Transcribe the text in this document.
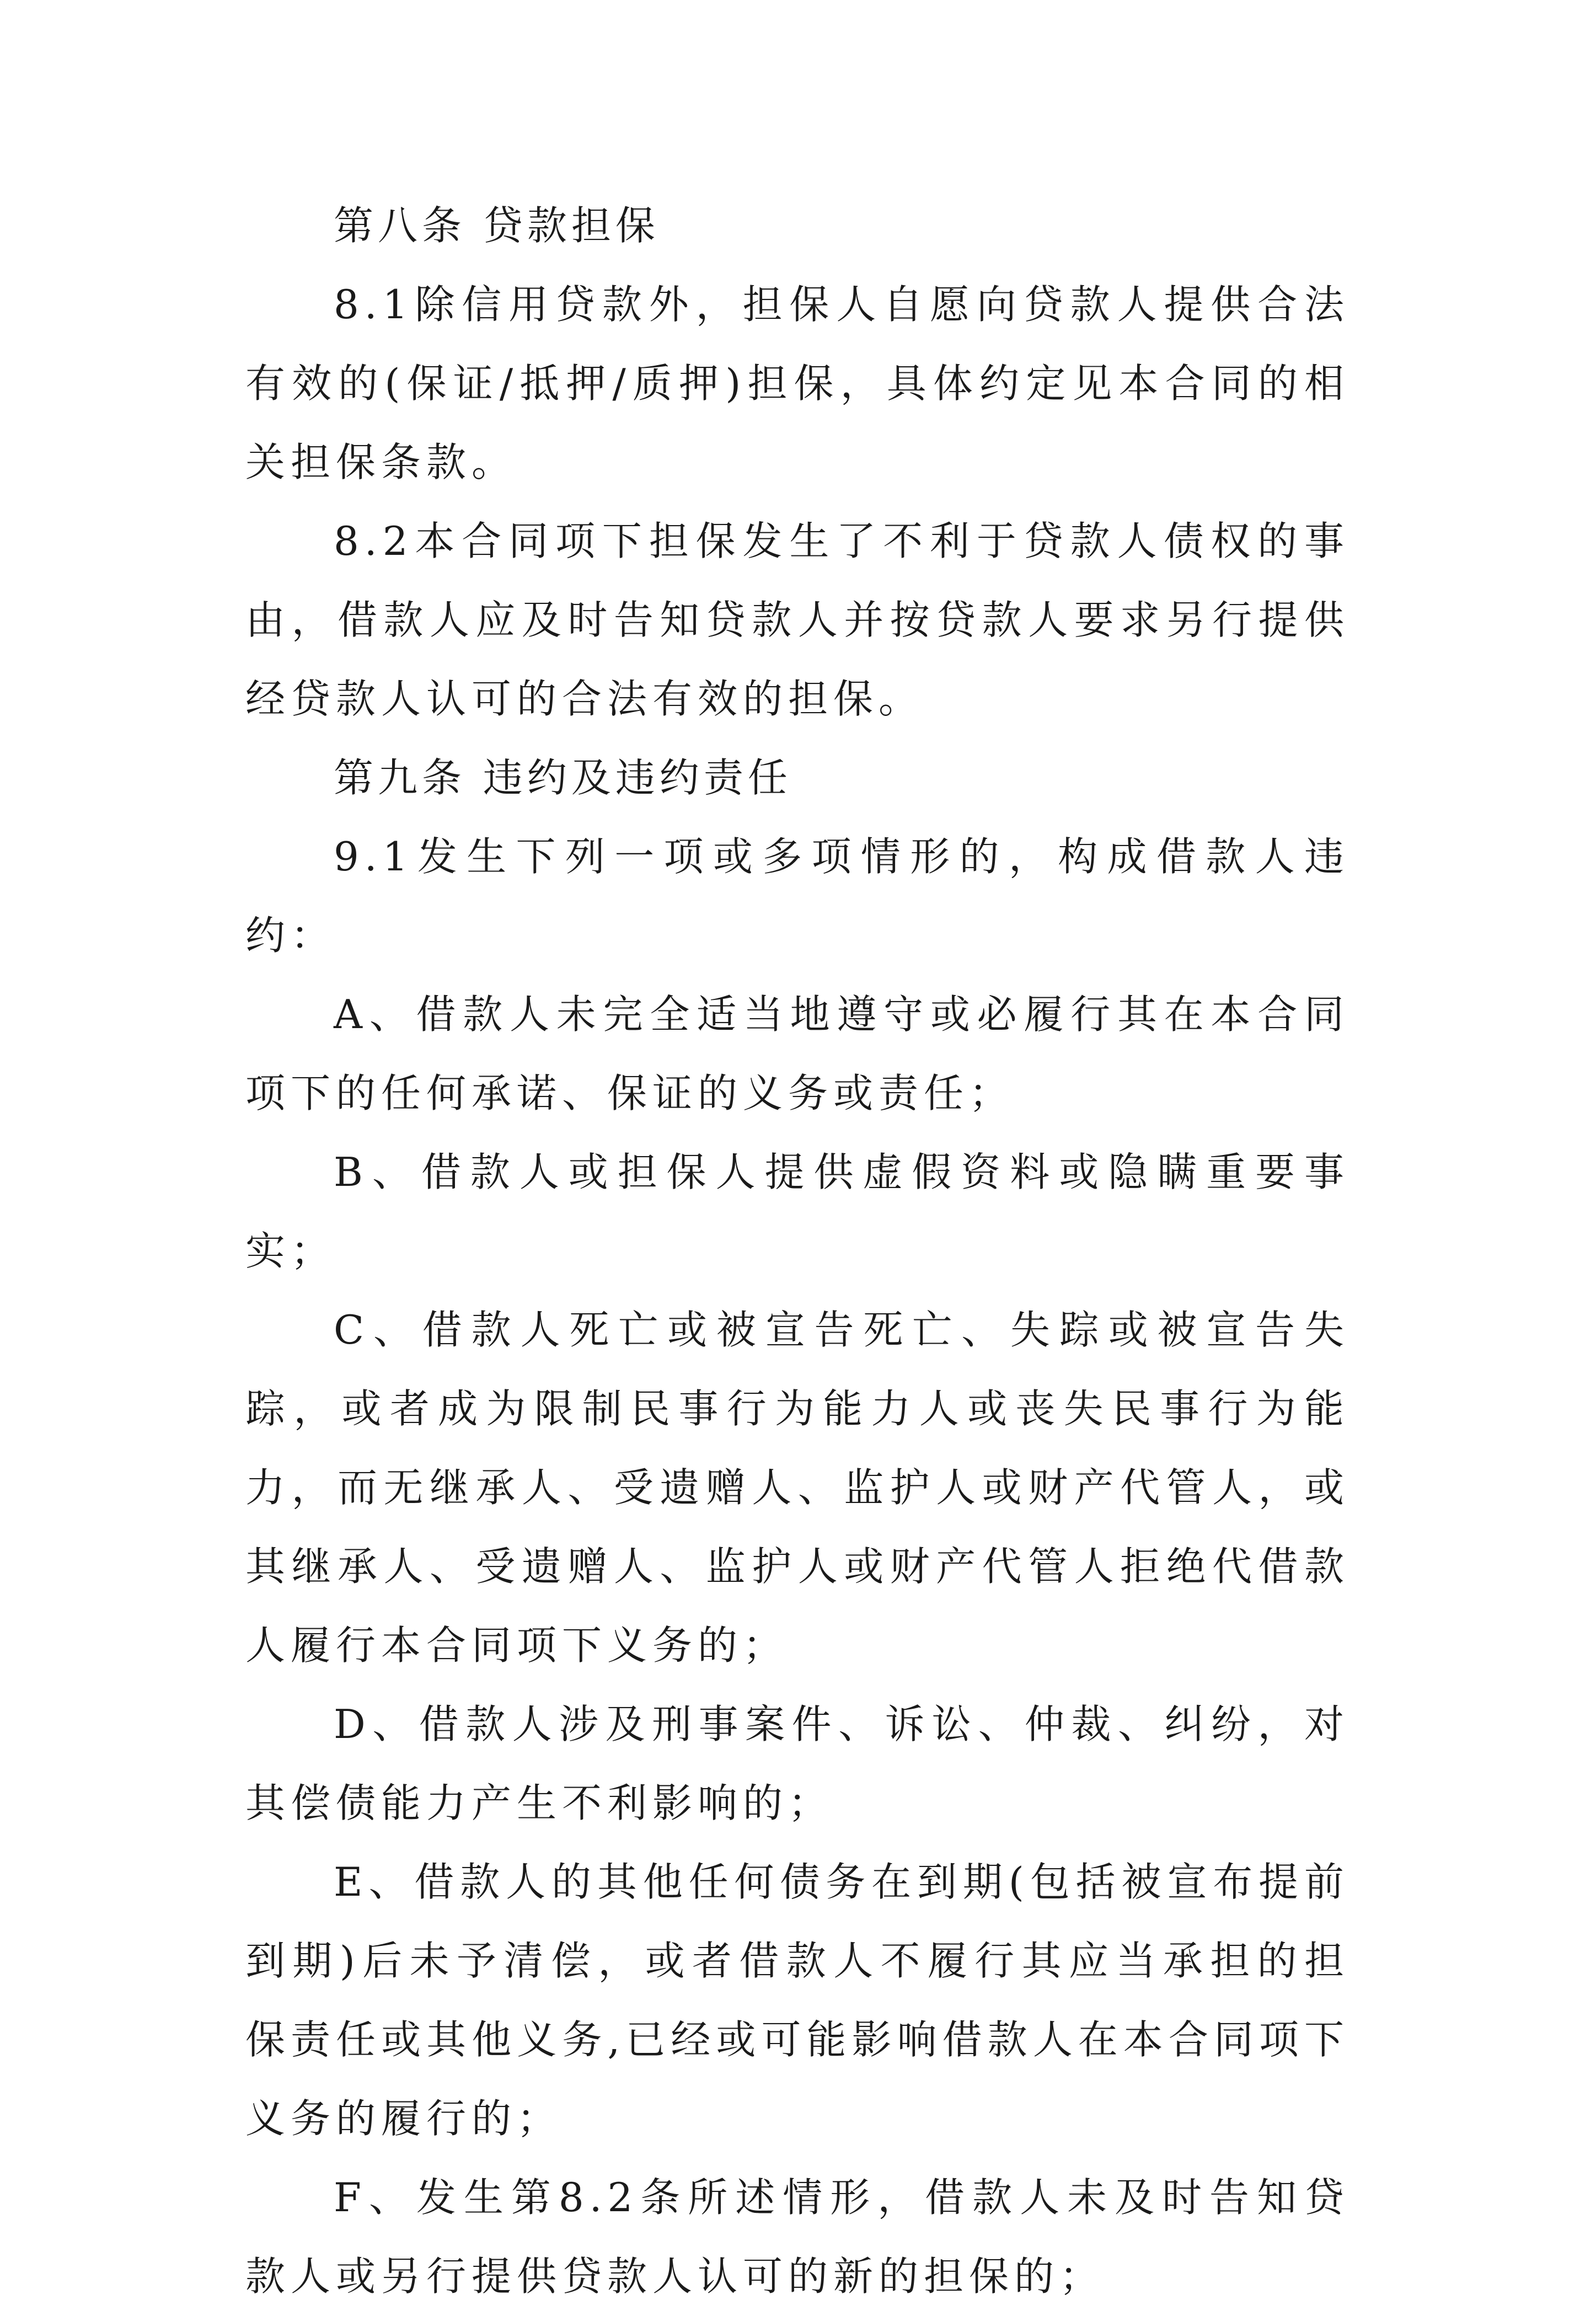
第八条 贷款担保

8.1除信用贷款外，担保人自愿向贷款人提供合法有效的(保证/抵押/质押)担保，具体约定见本合同的相关担保条款。

8.2本合同项下担保发生了不利于贷款人债权的事由，借款人应及时告知贷款人并按贷款人要求另行提供经贷款人认可的合法有效的担保。

第九条 违约及违约责任

9.1发生下列一项或多项情形的，构成借款人违约：

A、借款人未完全适当地遵守或必履行其在本合同项下的任何承诺、保证的义务或责任；

B、借款人或担保人提供虚假资料或隐瞒重要事实；

C、借款人死亡或被宣告死亡、失踪或被宣告失踪，或者成为限制民事行为能力人或丧失民事行为能力，而无继承人、受遗赠人、监护人或财产代管人，或其继承人、受遗赠人、监护人或财产代管人拒绝代借款人履行本合同项下义务的；

D、借款人涉及刑事案件、诉讼、仲裁、纠纷，对其偿债能力产生不利影响的；

E、借款人的其他任何债务在到期(包括被宣布提前到期)后未予清偿，或者借款人不履行其应当承担的担保责任或其他义务,已经或可能影响借款人在本合同项下义务的履行的；

F、发生第8.2条所述情形，借款人未及时告知贷款人或另行提供贷款人认可的新的担保的；
